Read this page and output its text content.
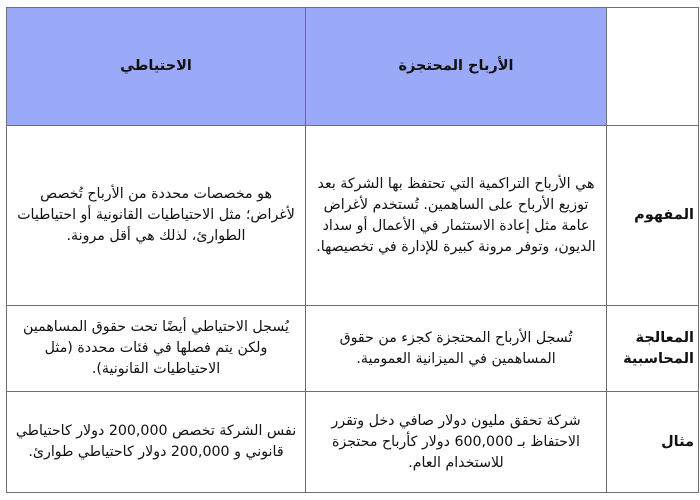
	الأرباح المحتجزة	الاحتياطي
المفهوم	هي الأرباح التراكمية التي تحتفظ بها الشركة بعد توزيع الأرباح على الساهمين. تُستخدم لأغراض عامة مثل إعادة الاستثمار في الأعمال أو سداد الديون، وتوفر مرونة كبيرة للإدارة في تخصيصها.	هو مخصصات محددة من الأرباح تُخصص لأغراض؛ مثل الاحتياطيات القانونية أو احتياطيات الطوارئ، لذلك هي أقل مرونة.
المعالجة المحاسبية	تُسجل الأرباح المحتجزة كجزء من حقوق المساهمين في الميزانية العمومية.	يُسجل الاحتياطي أيضًا تحت حقوق المساهمين ولكن يتم فصلها في فئات محددة (مثل الاحتياطيات القانونية).
مثال	شركة تحقق مليون دولار صافي دخل وتقرر الاحتفاظ بـ 600,000 دولار كأرباح محتجزة للاستخدام العام.	نفس الشركة تخصص 200,000 دولار كاحتياطي قانوني و 200,000 دولار كاحتياطي طوارئ.
